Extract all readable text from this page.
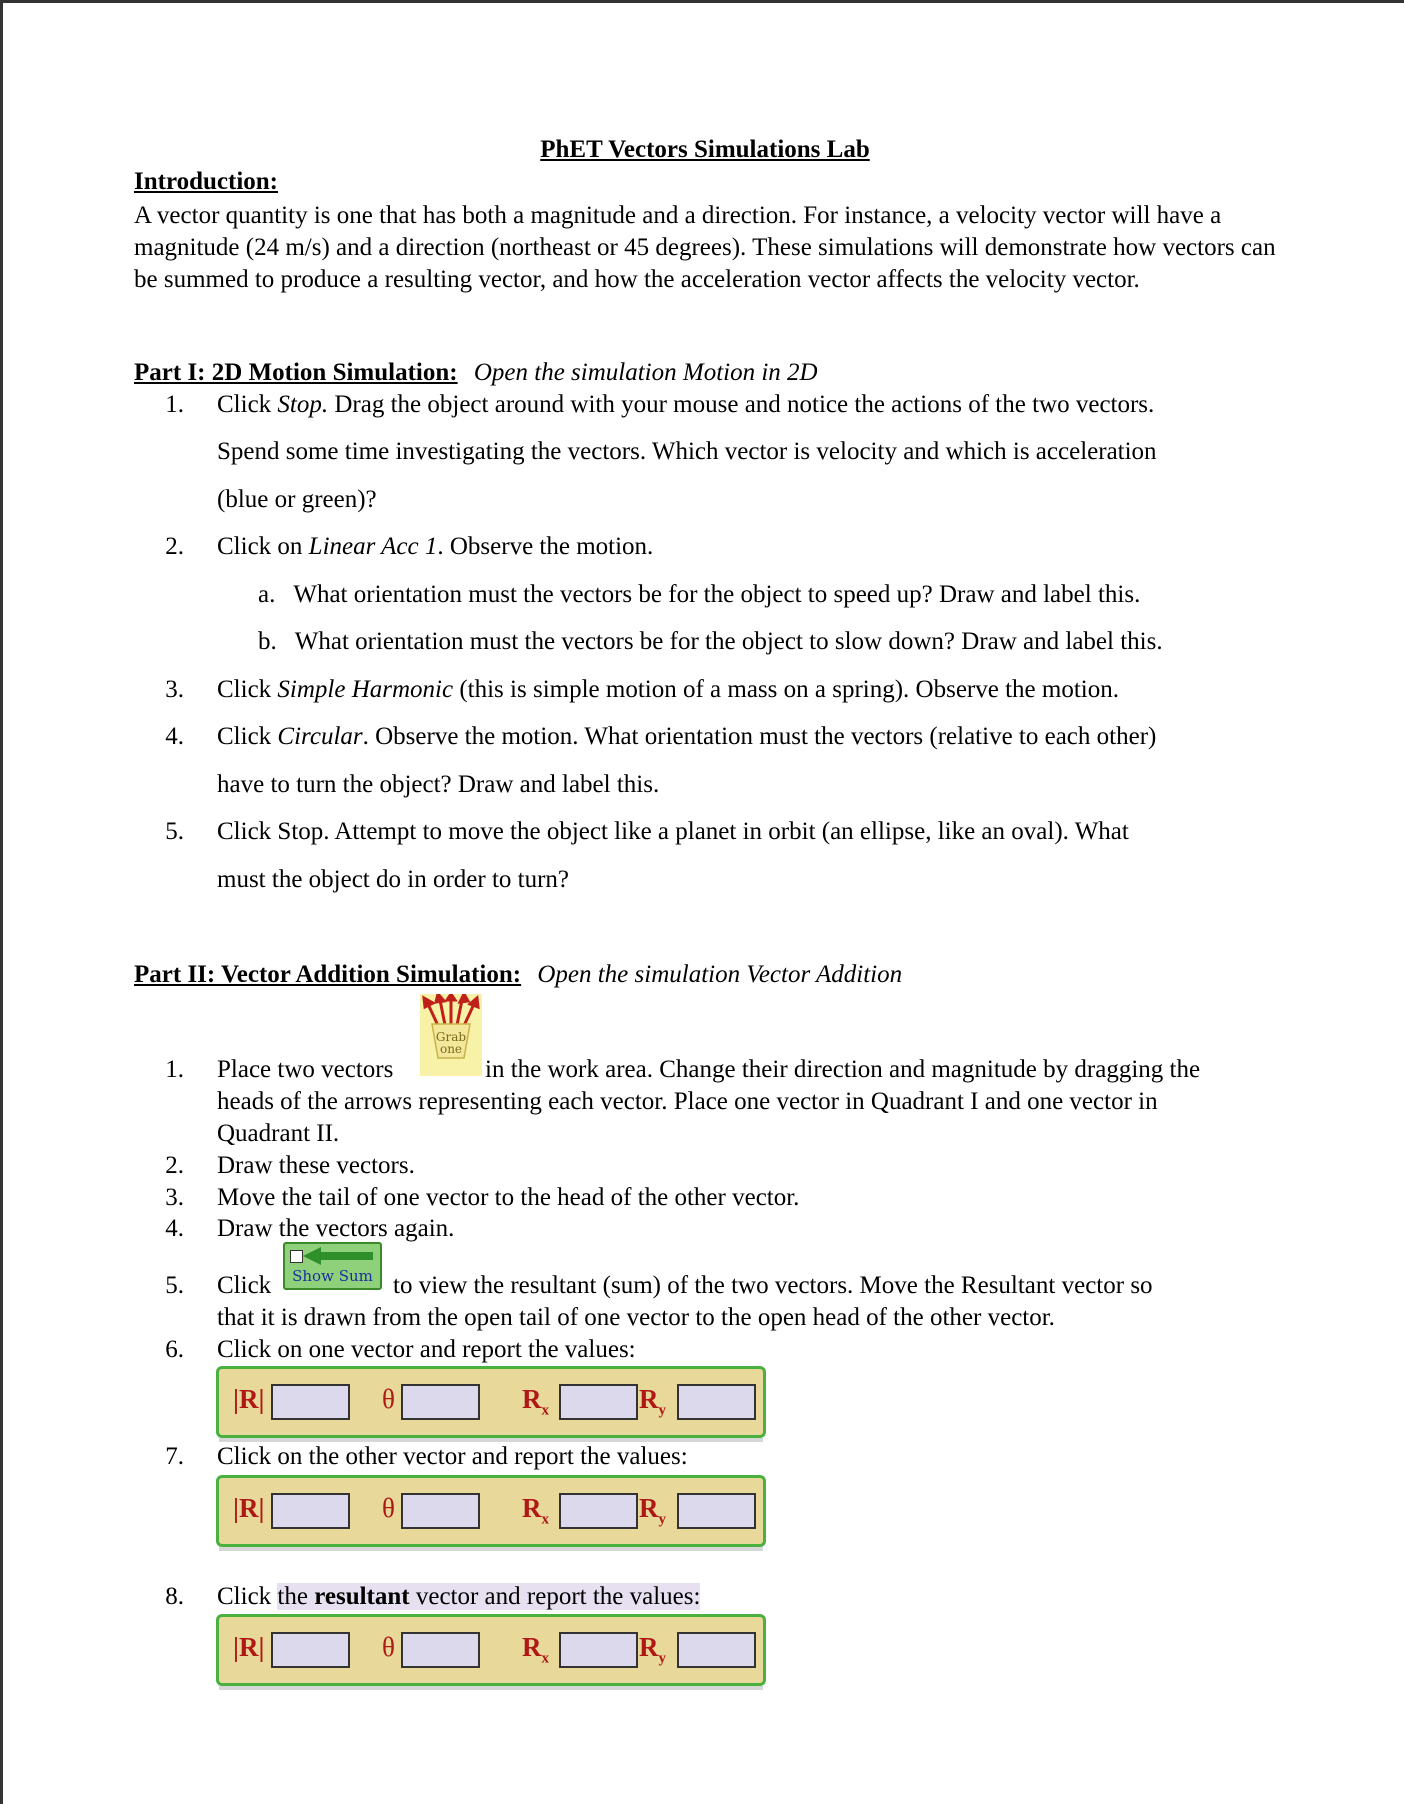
PhET Vectors Simulations Lab
Introduction:
A vector quantity is one that has both a magnitude and a direction. For instance, a velocity vector will have a magnitude (24 m/s) and a direction (northeast or 45 degrees). These simulations will demonstrate how vectors can be summed to produce a resulting vector, and how the acceleration vector affects the velocity vector.
Part I: 2D Motion Simulation: Open the simulation Motion in 2D
1. Click Stop. Drag the object around with your mouse and notice the actions of the two vectors.
Spend some time investigating the vectors. Which vector is velocity and which is acceleration
(blue or green)?
2. Click on Linear Acc 1. Observe the motion.
a. What orientation must the vectors be for the object to speed up? Draw and label this.
b. What orientation must the vectors be for the object to slow down? Draw and label this.
3. Click Simple Harmonic (this is simple motion of a mass on a spring). Observe the motion.
4. Click Circular. Observe the motion. What orientation must the vectors (relative to each other)
have to turn the object? Draw and label this.
5. Click Stop. Attempt to move the object like a planet in orbit (an ellipse, like an oval). What
must the object do in order to turn?
Part II: Vector Addition Simulation: Open the simulation Vector Addition
Grab
one
1. Place two vectors	in the work area. Change their direction and magnitude by dragging the
heads of the arrows representing each vector. Place one vector in Quadrant I and one vector in
Quadrant II.
2. Draw these vectors.
3. Move the tail of one vector to the head of the other vector.
4. Draw the vectors again.
Show Sum
5. Click	to view the resultant (sum) of the two vectors. Move the Resultant vector so
that it is drawn from the open tail of one vector to the open head of the other vector.
6. Click on one vector and report the values:
|R|	θ	$R_x$	$R_y$
7. Click on the other vector and report the values:
|R|	θ	$R_x$	$R_y$
8. Click the resultant vector and report the values:
|R|	θ	$R_x$	$R_y$
